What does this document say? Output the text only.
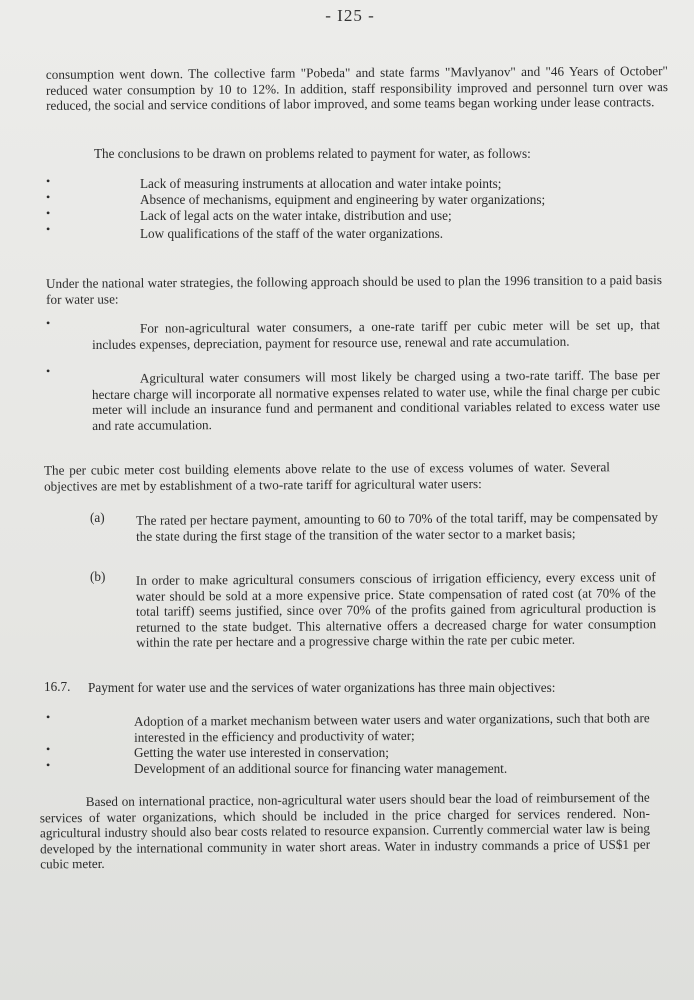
- I25 -
consumption went down. The collective farm "Pobeda" and state farms "Mavlyanov" and "46 Years of October" reduced water consumption by 10 to 12%. In addition, staff responsibility improved and personnel turn over was reduced, the social and service conditions of labor improved, and some teams began working under lease contracts.
The conclusions to be drawn on problems related to payment for water, as follows:
•	Lack of measuring instruments at allocation and water intake points;
•	Absence of mechanisms, equipment and engineering by water organizations;
•	Lack of legal acts on the water intake, distribution and use;
•	Low qualifications of the staff of the water organizations.
Under the national water strategies, the following approach should be used to plan the 1996 transition to a paid basis for water use:
•	For non-agricultural water consumers, a one-rate tariff per cubic meter will be set up, that includes expenses, depreciation, payment for resource use, renewal and rate accumulation.
•	Agricultural water consumers will most likely be charged using a two-rate tariff. The base per hectare charge will incorporate all normative expenses related to water use, while the final charge per cubic meter will include an insurance fund and permanent and conditional variables related to excess water use and rate accumulation.
The per cubic meter cost building elements above relate to the use of excess volumes of water. Several objectives are met by establishment of a two-rate tariff for agricultural water users:
(a) The rated per hectare payment, amounting to 60 to 70% of the total tariff, may be compensated by the state during the first stage of the transition of the water sector to a market basis;
(b) In order to make agricultural consumers conscious of irrigation efficiency, every excess unit of water should be sold at a more expensive price. State compensation of rated cost (at 70% of the total tariff) seems justified, since over 70% of the profits gained from agricultural production is returned to the state budget. This alternative offers a decreased charge for water consumption within the rate per hectare and a progressive charge within the rate per cubic meter.
16.7. Payment for water use and the services of water organizations has three main objectives:
•	Adoption of a market mechanism between water users and water organizations, such that both are interested in the efficiency and productivity of water;
•	Getting the water use interested in conservation;
•	Development of an additional source for financing water management.
Based on international practice, non-agricultural water users should bear the load of reimbursement of the services of water organizations, which should be included in the price charged for services rendered. Non-agricultural industry should also bear costs related to resource expansion. Currently commercial water law is being developed by the international community in water short areas. Water in industry commands a price of US$1 per cubic meter.
